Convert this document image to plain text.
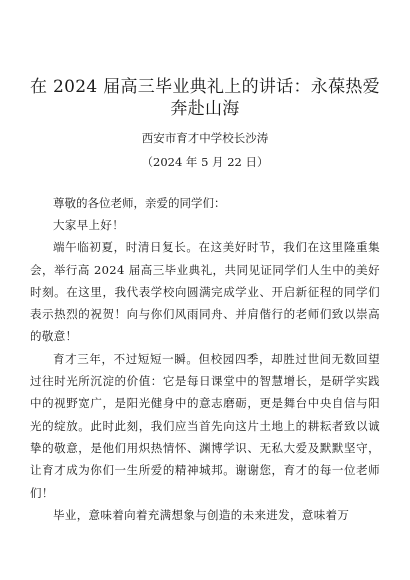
在 2024 届高三毕业典礼上的讲话：永葆热爱
奔赴山海

西安市育才中学校长沙涛

（2024 年 5 月 22 日）

尊敬的各位老师，亲爱的同学们：

大家早上好！

端午临初夏，时清日复长。在这美好时节，我们在这里隆重集会，举行高 2024 届高三毕业典礼，共同见证同学们人生中的美好时刻。在这里，我代表学校向圆满完成学业、开启新征程的同学们表示热烈的祝贺！向与你们风雨同舟、并肩偕行的老师们致以崇高的敬意！

育才三年，不过短短一瞬。但校园四季，却胜过世间无数回望过往时光所沉淀的价值：它是每日课堂中的智慧增长，是研学实践中的视野宽广，是阳光健身中的意志磨砺，更是舞台中央自信与阳光的绽放。此时此刻，我们应当首先向这片土地上的耕耘者致以诚挚的敬意，是他们用炽热情怀、渊博学识、无私大爱及默默坚守，让育才成为你们一生所爱的精神城邦。谢谢您，育才的每一位老师们！

毕业，意味着向着充满想象与创造的未来进发，意味着万
